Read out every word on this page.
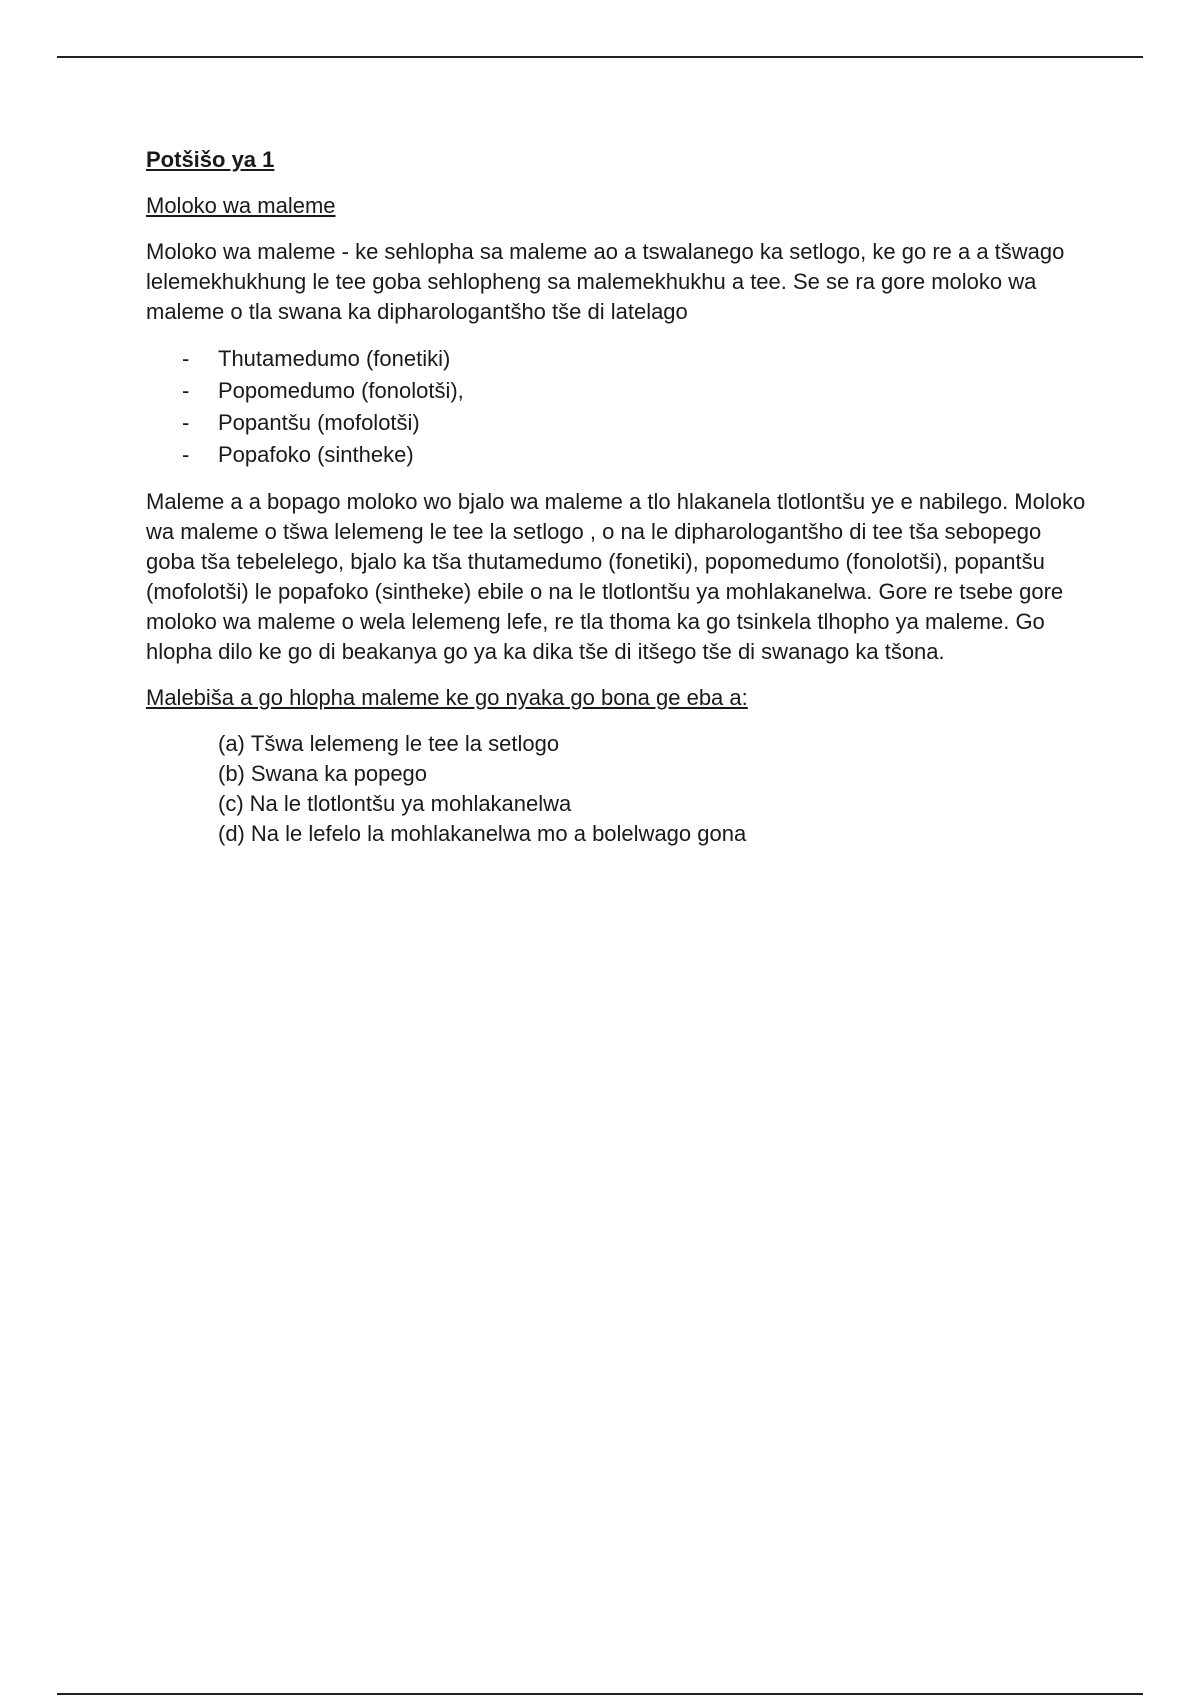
Potšišo ya 1

Moloko wa maleme

Moloko wa maleme - ke sehlopha sa maleme ao a tswalanego ka setlogo, ke go re a a tšwago lelemekhukhung le tee goba sehlopheng sa malemekhukhu a tee. Se se ra gore moloko wa maleme o tla swana ka dipharologantšho tše di latelago

- Thutamedumo (fonetiki)
- Popomedumo (fonolotši),
- Popantšu (mofolotši)
- Popafoko (sintheke)

Maleme a a bopago moloko wo bjalo wa maleme a tlo hlakanela tlotlontšu ye e nabilego. Moloko wa maleme o tšwa lelemeng le tee la setlogo , o na le dipharologantšho di tee tša sebopego goba tša tebelelego, bjalo ka tša thutamedumo (fonetiki), popomedumo (fonolotši), popantšu (mofolotši) le popafoko (sintheke) ebile o na le tlotlontšu ya mohlakanelwa. Gore re tsebe gore moloko wa maleme o wela lelemeng lefe, re tla thoma ka go tsinkela tlhopho ya maleme. Go hlopha dilo ke go di beakanya go ya ka dika tše di itšego tše di swanago ka tšona.

Malebiša a go hlopha maleme ke go nyaka go bona ge eba a:

(a) Tšwa lelemeng le tee la setlogo
(b) Swana ka popego
(c) Na le tlotlontšu ya mohlakanelwa
(d) Na le lefelo la mohlakanelwa mo a bolelwago gona
